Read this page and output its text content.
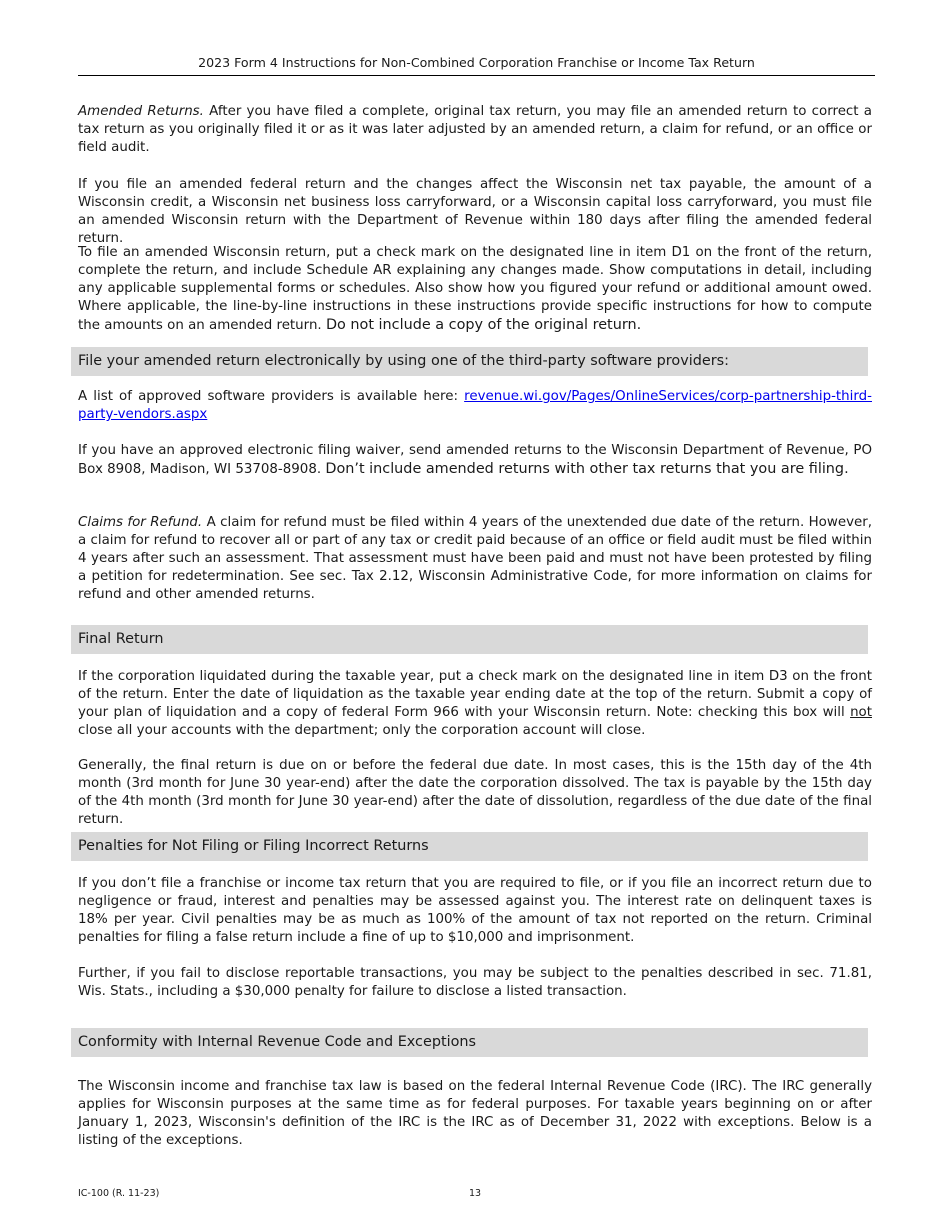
2023 Form 4 Instructions for Non-Combined Corporation Franchise or Income Tax Return

Amended Returns. After you have filed a complete, original tax return, you may file an amended return to correct a tax return as you originally filed it or as it was later adjusted by an amended return, a claim for refund, or an office or field audit.

If you file an amended federal return and the changes affect the Wisconsin net tax payable, the amount of a Wisconsin credit, a Wisconsin net business loss carryforward, or a Wisconsin capital loss carryforward, you must file an amended Wisconsin return with the Department of Revenue within 180 days after filing the amended federal return.

To file an amended Wisconsin return, put a check mark on the designated line in item D1 on the front of the return, complete the return, and include Schedule AR explaining any changes made. Show computations in detail, including any applicable supplemental forms or schedules. Also show how you figured your refund or additional amount owed. Where applicable, the line-by-line instructions in these instructions provide specific instructions for how to compute the amounts on an amended return. Do not include a copy of the original return.

File your amended return electronically by using one of the third-party software providers:

A list of approved software providers is available here: revenue.wi.gov/Pages/OnlineServices/corp-partnership-third-party-vendors.aspx

If you have an approved electronic filing waiver, send amended returns to the Wisconsin Department of Revenue, PO Box 8908, Madison, WI 53708-8908. Don’t include amended returns with other tax returns that you are filing.

Claims for Refund. A claim for refund must be filed within 4 years of the unextended due date of the return. However, a claim for refund to recover all or part of any tax or credit paid because of an office or field audit must be filed within 4 years after such an assessment. That assessment must have been paid and must not have been protested by filing a petition for redetermination. See sec. Tax 2.12, Wisconsin Administrative Code, for more information on claims for refund and other amended returns.

Final Return

If the corporation liquidated during the taxable year, put a check mark on the designated line in item D3 on the front of the return. Enter the date of liquidation as the taxable year ending date at the top of the return. Submit a copy of your plan of liquidation and a copy of federal Form 966 with your Wisconsin return. Note: checking this box will not close all your accounts with the department; only the corporation account will close.

Generally, the final return is due on or before the federal due date. In most cases, this is the 15th day of the 4th month (3rd month for June 30 year-end) after the date the corporation dissolved. The tax is payable by the 15th day of the 4th month (3rd month for June 30 year-end) after the date of dissolution, regardless of the due date of the final return.

Penalties for Not Filing or Filing Incorrect Returns

If you don’t file a franchise or income tax return that you are required to file, or if you file an incorrect return due to negligence or fraud, interest and penalties may be assessed against you. The interest rate on delinquent taxes is 18% per year. Civil penalties may be as much as 100% of the amount of tax not reported on the return. Criminal penalties for filing a false return include a fine of up to $10,000 and imprisonment.

Further, if you fail to disclose reportable transactions, you may be subject to the penalties described in sec. 71.81, Wis. Stats., including a $30,000 penalty for failure to disclose a listed transaction.

Conformity with Internal Revenue Code and Exceptions

The Wisconsin income and franchise tax law is based on the federal Internal Revenue Code (IRC). The IRC generally applies for Wisconsin purposes at the same time as for federal purposes. For taxable years beginning on or after January 1, 2023, Wisconsin's definition of the IRC is the IRC as of December 31, 2022 with exceptions. Below is a listing of the exceptions.

IC-100 (R. 11-23)	13
